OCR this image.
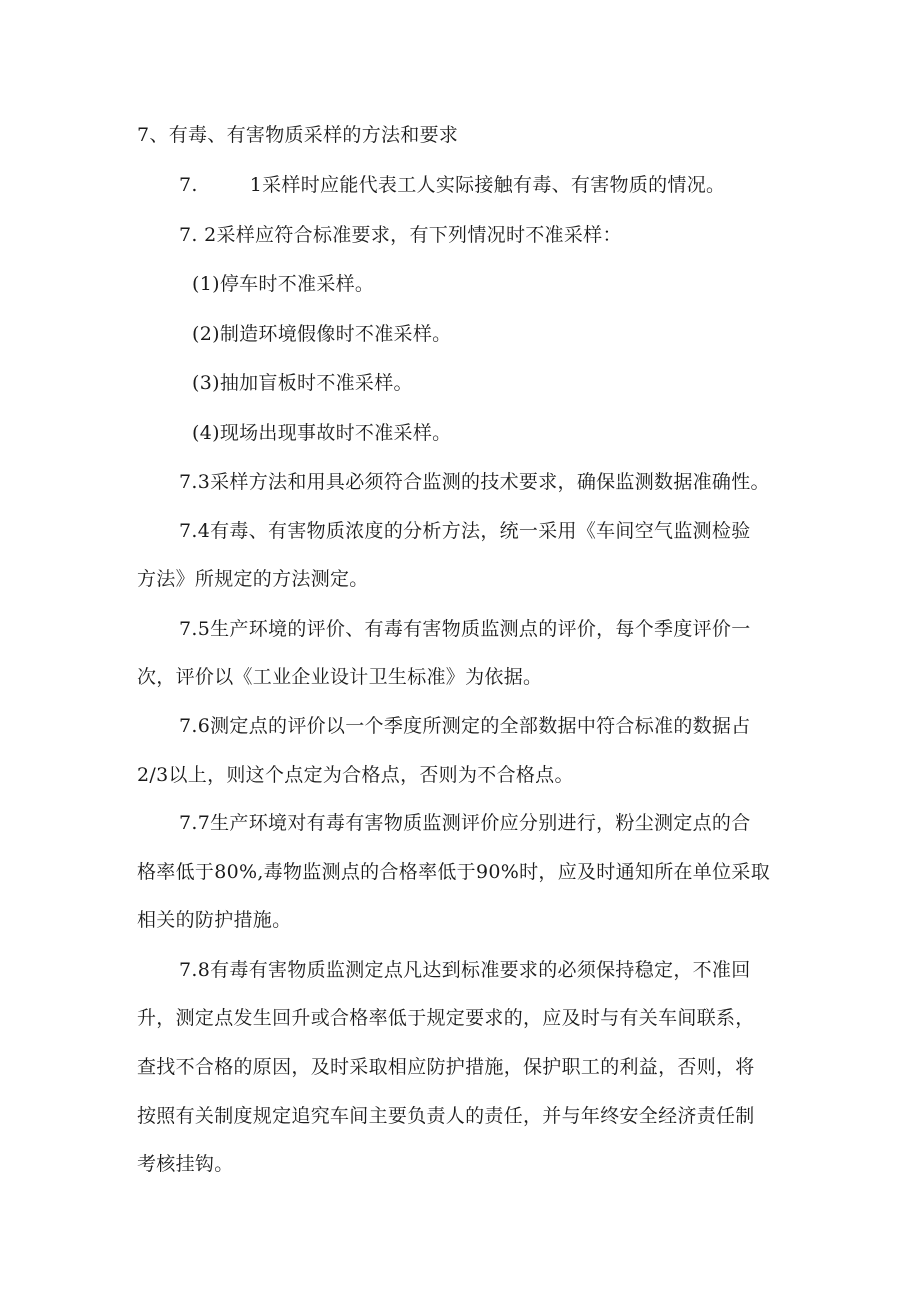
7、有毒、有害物质采样的方法和要求
7.	1采样时应能代表工人实际接触有毒、有害物质的情况。
7. 2采样应符合标准要求，有下列情况时不准采样：
(1)停车时不准采样。
(2)制造环境假像时不准采样。
(3)抽加盲板时不准采样。
(4)现场出现事故时不准采样。
7.3采样方法和用具必须符合监测的技术要求，确保监测数据准确性。
7.4有毒、有害物质浓度的分析方法，统一采用《车间空气监测检验
方法》所规定的方法测定。
7.5生产环境的评价、有毒有害物质监测点的评价，每个季度评价一
次，评价以《工业企业设计卫生标准》为依据。
7.6测定点的评价以一个季度所测定的全部数据中符合标准的数据占
2/3以上，则这个点定为合格点，否则为不合格点。
7.7生产环境对有毒有害物质监测评价应分别进行，粉尘测定点的合
格率低于80%,毒物监测点的合格率低于90%时，应及时通知所在单位采取
相关的防护措施。
7.8有毒有害物质监测定点凡达到标准要求的必须保持稳定，不准回
升，测定点发生回升或合格率低于规定要求的，应及时与有关车间联系，
查找不合格的原因，及时采取相应防护措施，保护职工的利益，否则，将
按照有关制度规定追究车间主要负责人的责任，并与年终安全经济责任制
考核挂钩。
